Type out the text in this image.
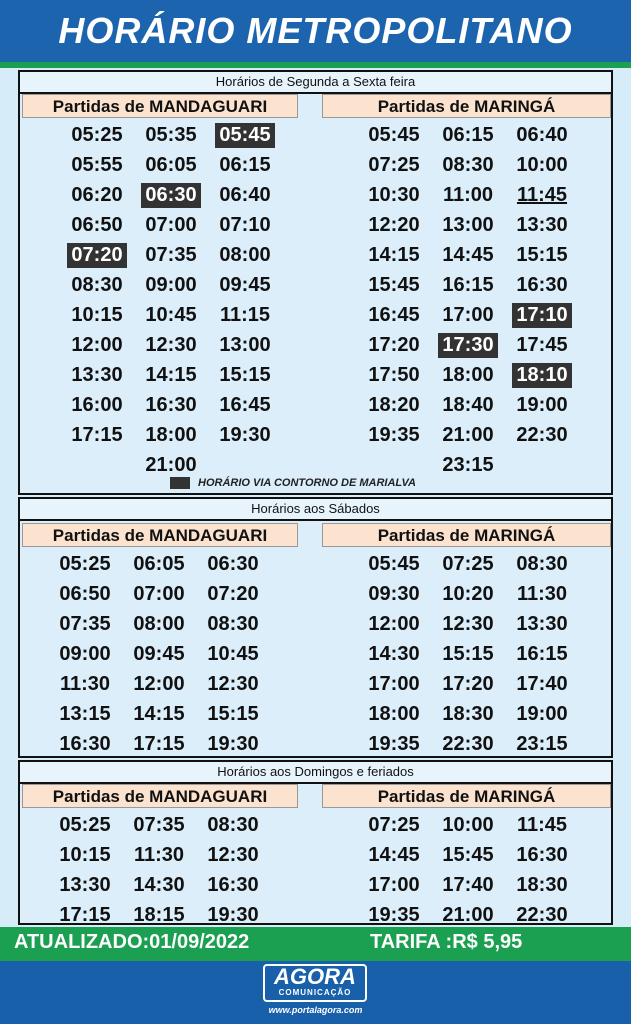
HORÁRIO METROPOLITANO
Horários de Segunda a Sexta feira
Partidas de MANDAGUARI	Partidas de MARINGÁ
05:25 05:35 05:45
05:55 06:05 06:15
06:20 06:30 06:40
06:50 07:00 07:10
07:20 07:35 08:00
08:30 09:00 09:45
10:15 10:45 11:15
12:00 12:30 13:00
13:30 14:15 15:15
16:00 16:30 16:45
17:15 18:00 19:30
21:00
05:45 06:15 06:40
07:25 08:30 10:00
10:30 11:00 11:45
12:20 13:00 13:30
14:15 14:45 15:15
15:45 16:15 16:30
16:45 17:00 17:10
17:20 17:30 17:45
17:50 18:00 18:10
18:20 18:40 19:00
19:35 21:00 22:30
23:15
HORÁRIO VIA CONTORNO DE MARIALVA
Horários aos Sábados
Partidas de MANDAGUARI	Partidas de MARINGÁ
05:25 06:05 06:30
06:50 07:00 07:20
07:35 08:00 08:30
09:00 09:45 10:45
11:30 12:00 12:30
13:15 14:15 15:15
16:30 17:15 19:30
05:45 07:25 08:30
09:30 10:20 11:30
12:00 12:30 13:30
14:30 15:15 16:15
17:00 17:20 17:40
18:00 18:30 19:00
19:35 22:30 23:15
Horários aos Domingos e feriados
Partidas de MANDAGUARI	Partidas de MARINGÁ
05:25 07:35 08:30
10:15 11:30 12:30
13:30 14:30 16:30
17:15 18:15 19:30
07:25 10:00 11:45
14:45 15:45 16:30
17:00 17:40 18:30
19:35 21:00 22:30
ATUALIZADO:01/09/2022	TARIFA :R$ 5,95
AGORA
COMUNICAÇÃO
www.portalagora.com
